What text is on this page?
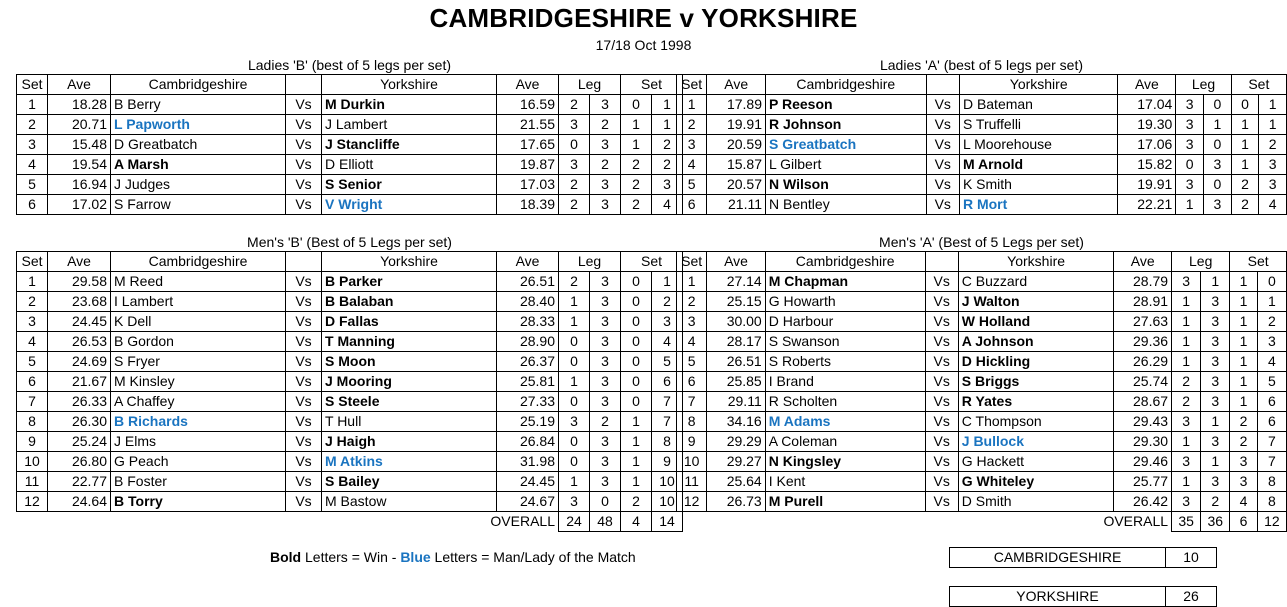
CAMBRIDGESHIRE v YORKSHIRE
17/18 Oct 1998
Ladies 'B' (best of 5 legs per set)
Set	Ave	Cambridgeshire		Yorkshire	Ave	Leg		Set	
1	18.28	B Berry	Vs	M Durkin	16.59	2	3	0	1
2	20.71	L Papworth	Vs	J Lambert	21.55	3	2	1	1
3	15.48	D Greatbatch	Vs	J Stancliffe	17.65	0	3	1	2
4	19.54	A Marsh	Vs	D Elliott	19.87	3	2	2	2
5	16.94	J Judges	Vs	S Senior	17.03	2	3	2	3
6	17.02	S Farrow	Vs	V Wright	18.39	2	3	2	4
Ladies 'A' (best of 5 legs per set)
Set	Ave	Cambridgeshire		Yorkshire	Ave	Leg		Set	
1	17.89	P Reeson	Vs	D Bateman	17.04	3	0	0	1
2	19.91	R Johnson	Vs	S Truffelli	19.30	3	1	1	1
3	20.59	S Greatbatch	Vs	L Moorehouse	17.06	3	0	1	2
4	15.87	L Gilbert	Vs	M Arnold	15.82	0	3	1	3
5	20.57	N Wilson	Vs	K Smith	19.91	3	0	2	3
6	21.11	N Bentley	Vs	R Mort	22.21	1	3	2	4
Men's 'B' (Best of 5 Legs per set)
Set	Ave	Cambridgeshire		Yorkshire	Ave	Leg		Set	
1	29.58	M Reed	Vs	B Parker	26.51	2	3	0	1
2	23.68	I Lambert	Vs	B Balaban	28.40	1	3	0	2
3	24.45	K Dell	Vs	D Fallas	28.33	1	3	0	3
4	26.53	B Gordon	Vs	T Manning	28.90	0	3	0	4
5	24.69	S Fryer	Vs	S Moon	26.37	0	3	0	5
6	21.67	M Kinsley	Vs	J Mooring	25.81	1	3	0	6
7	26.33	A Chaffey	Vs	S Steele	27.33	0	3	0	7
8	26.30	B Richards	Vs	T Hull	25.19	3	2	1	7
9	25.24	J Elms	Vs	J Haigh	26.84	0	3	1	8
10	26.80	G Peach	Vs	M Atkins	31.98	0	3	1	9
11	22.77	B Foster	Vs	S Bailey	24.45	1	3	1	10
12	24.64	B Torry	Vs	M Bastow	24.67	3	0	2	10
OVERALL						24	48	4	14
Men's 'A' (Best of 5 Legs per set)
Set	Ave	Cambridgeshire		Yorkshire	Ave	Leg		Set	
1	27.14	M Chapman	Vs	C Buzzard	28.79	3	1	1	0
2	25.15	G Howarth	Vs	J Walton	28.91	1	3	1	1
3	30.00	D Harbour	Vs	W Holland	27.63	1	3	1	2
4	28.17	S Swanson	Vs	A Johnson	29.36	1	3	1	3
5	26.51	S Roberts	Vs	D Hickling	26.29	1	3	1	4
6	25.85	I Brand	Vs	S Briggs	25.74	2	3	1	5
7	29.11	R Scholten	Vs	R Yates	28.67	2	3	1	6
8	34.16	M Adams	Vs	C Thompson	29.43	3	1	2	6
9	29.29	A Coleman	Vs	J Bullock	29.30	1	3	2	7
10	29.27	N Kingsley	Vs	G Hackett	29.46	3	1	3	7
11	25.64	I Kent	Vs	G Whiteley	25.77	1	3	3	8
12	26.73	M Purell	Vs	D Smith	26.42	3	2	4	8
OVERALL						35	36	6	12
Bold Letters = Win - Blue Letters = Man/Lady of the Match	CAMBRIDGESHIRE	10
YORKSHIRE	26
